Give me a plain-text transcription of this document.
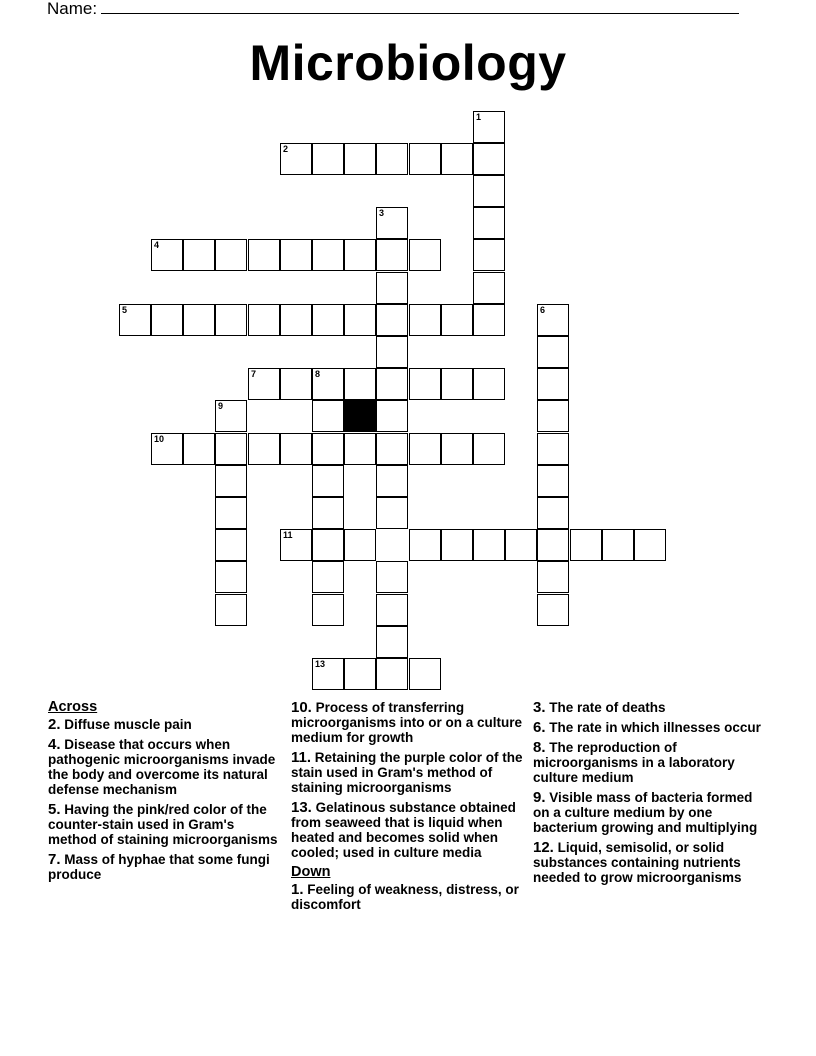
Name:
Microbiology
1
2
3
4
5	6
7	8
9
10
11
13
Across
2. Diffuse muscle pain
4. Disease that occurs when pathogenic microorganisms invade the body and overcome its natural defense mechanism
5. Having the pink/red color of the counter-stain used in Gram's method of staining microorganisms
7. Mass of hyphae that some fungi produce
10. Process of transferring microorganisms into or on a culture medium for growth
11. Retaining the purple color of the stain used in Gram's method of staining microorganisms
13. Gelatinous substance obtained from seaweed that is liquid when heated and becomes solid when cooled; used in culture media
Down
1. Feeling of weakness, distress, or discomfort
3. The rate of deaths
6. The rate in which illnesses occur
8. The reproduction of microorganisms in a laboratory culture medium
9. Visible mass of bacteria formed on a culture medium by one bacterium growing and multiplying
12. Liquid, semisolid, or solid substances containing nutrients needed to grow microorganisms
